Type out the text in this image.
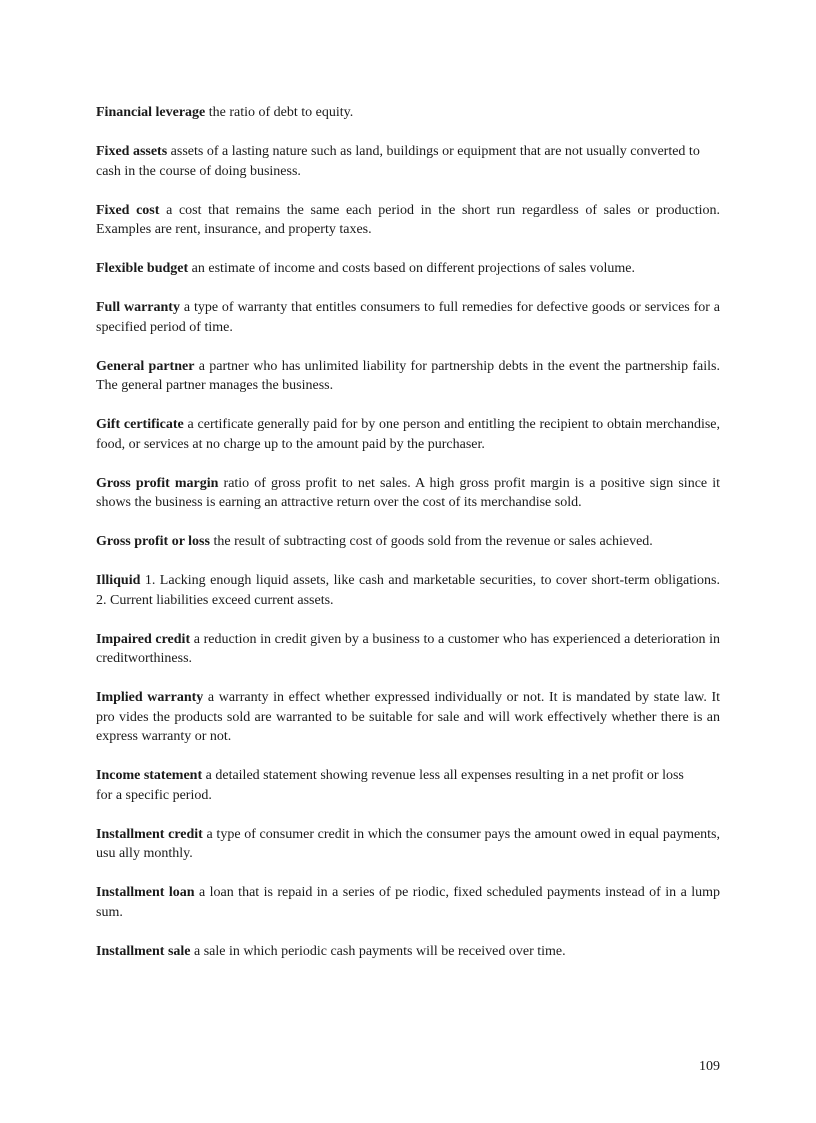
Financial leverage the ratio of debt to equity.

Fixed assets assets of a lasting nature such as land, buildings or equipment that are not usually converted to cash in the course of doing business.

Fixed cost a cost that remains the same each period in the short run regardless of sales or production. Examples are rent, insurance, and property taxes.

Flexible budget an estimate of income and costs based on different projections of sales volume.

Full warranty a type of warranty that entitles consumers to full remedies for defective goods or services for a specified period of time.

General partner a partner who has unlimited liability for partnership debts in the event the partnership fails. The general partner manages the business.

Gift certificate a certificate generally paid for by one person and entitling the recipient to obtain merchandise, food, or services at no charge up to the amount paid by the purchaser.

Gross profit margin ratio of gross profit to net sales. A high gross profit margin is a positive sign since it shows the business is earning an attractive return over the cost of its merchandise sold.

Gross profit or loss the result of subtracting cost of goods sold from the revenue or sales achieved.

Illiquid 1. Lacking enough liquid assets, like cash and marketable securities, to cover short-term obligations. 2. Current liabilities exceed current assets.

Impaired credit a reduction in credit given by a business to a customer who has experienced a deterioration in creditworthiness.

Implied warranty a warranty in effect whether expressed individually or not. It is mandated by state law. It pro vides the products sold are warranted to be suitable for sale and will work effectively whether there is an express warranty or not.

Income statement a detailed statement showing revenue less all expenses resulting in a net profit or loss for a specific period.

Installment credit a type of consumer credit in which the consumer pays the amount owed in equal payments, usu ally monthly.

Installment loan a loan that is repaid in a series of pe riodic, fixed scheduled payments instead of in a lump sum.

Installment sale a sale in which periodic cash payments will be received over time.

109
